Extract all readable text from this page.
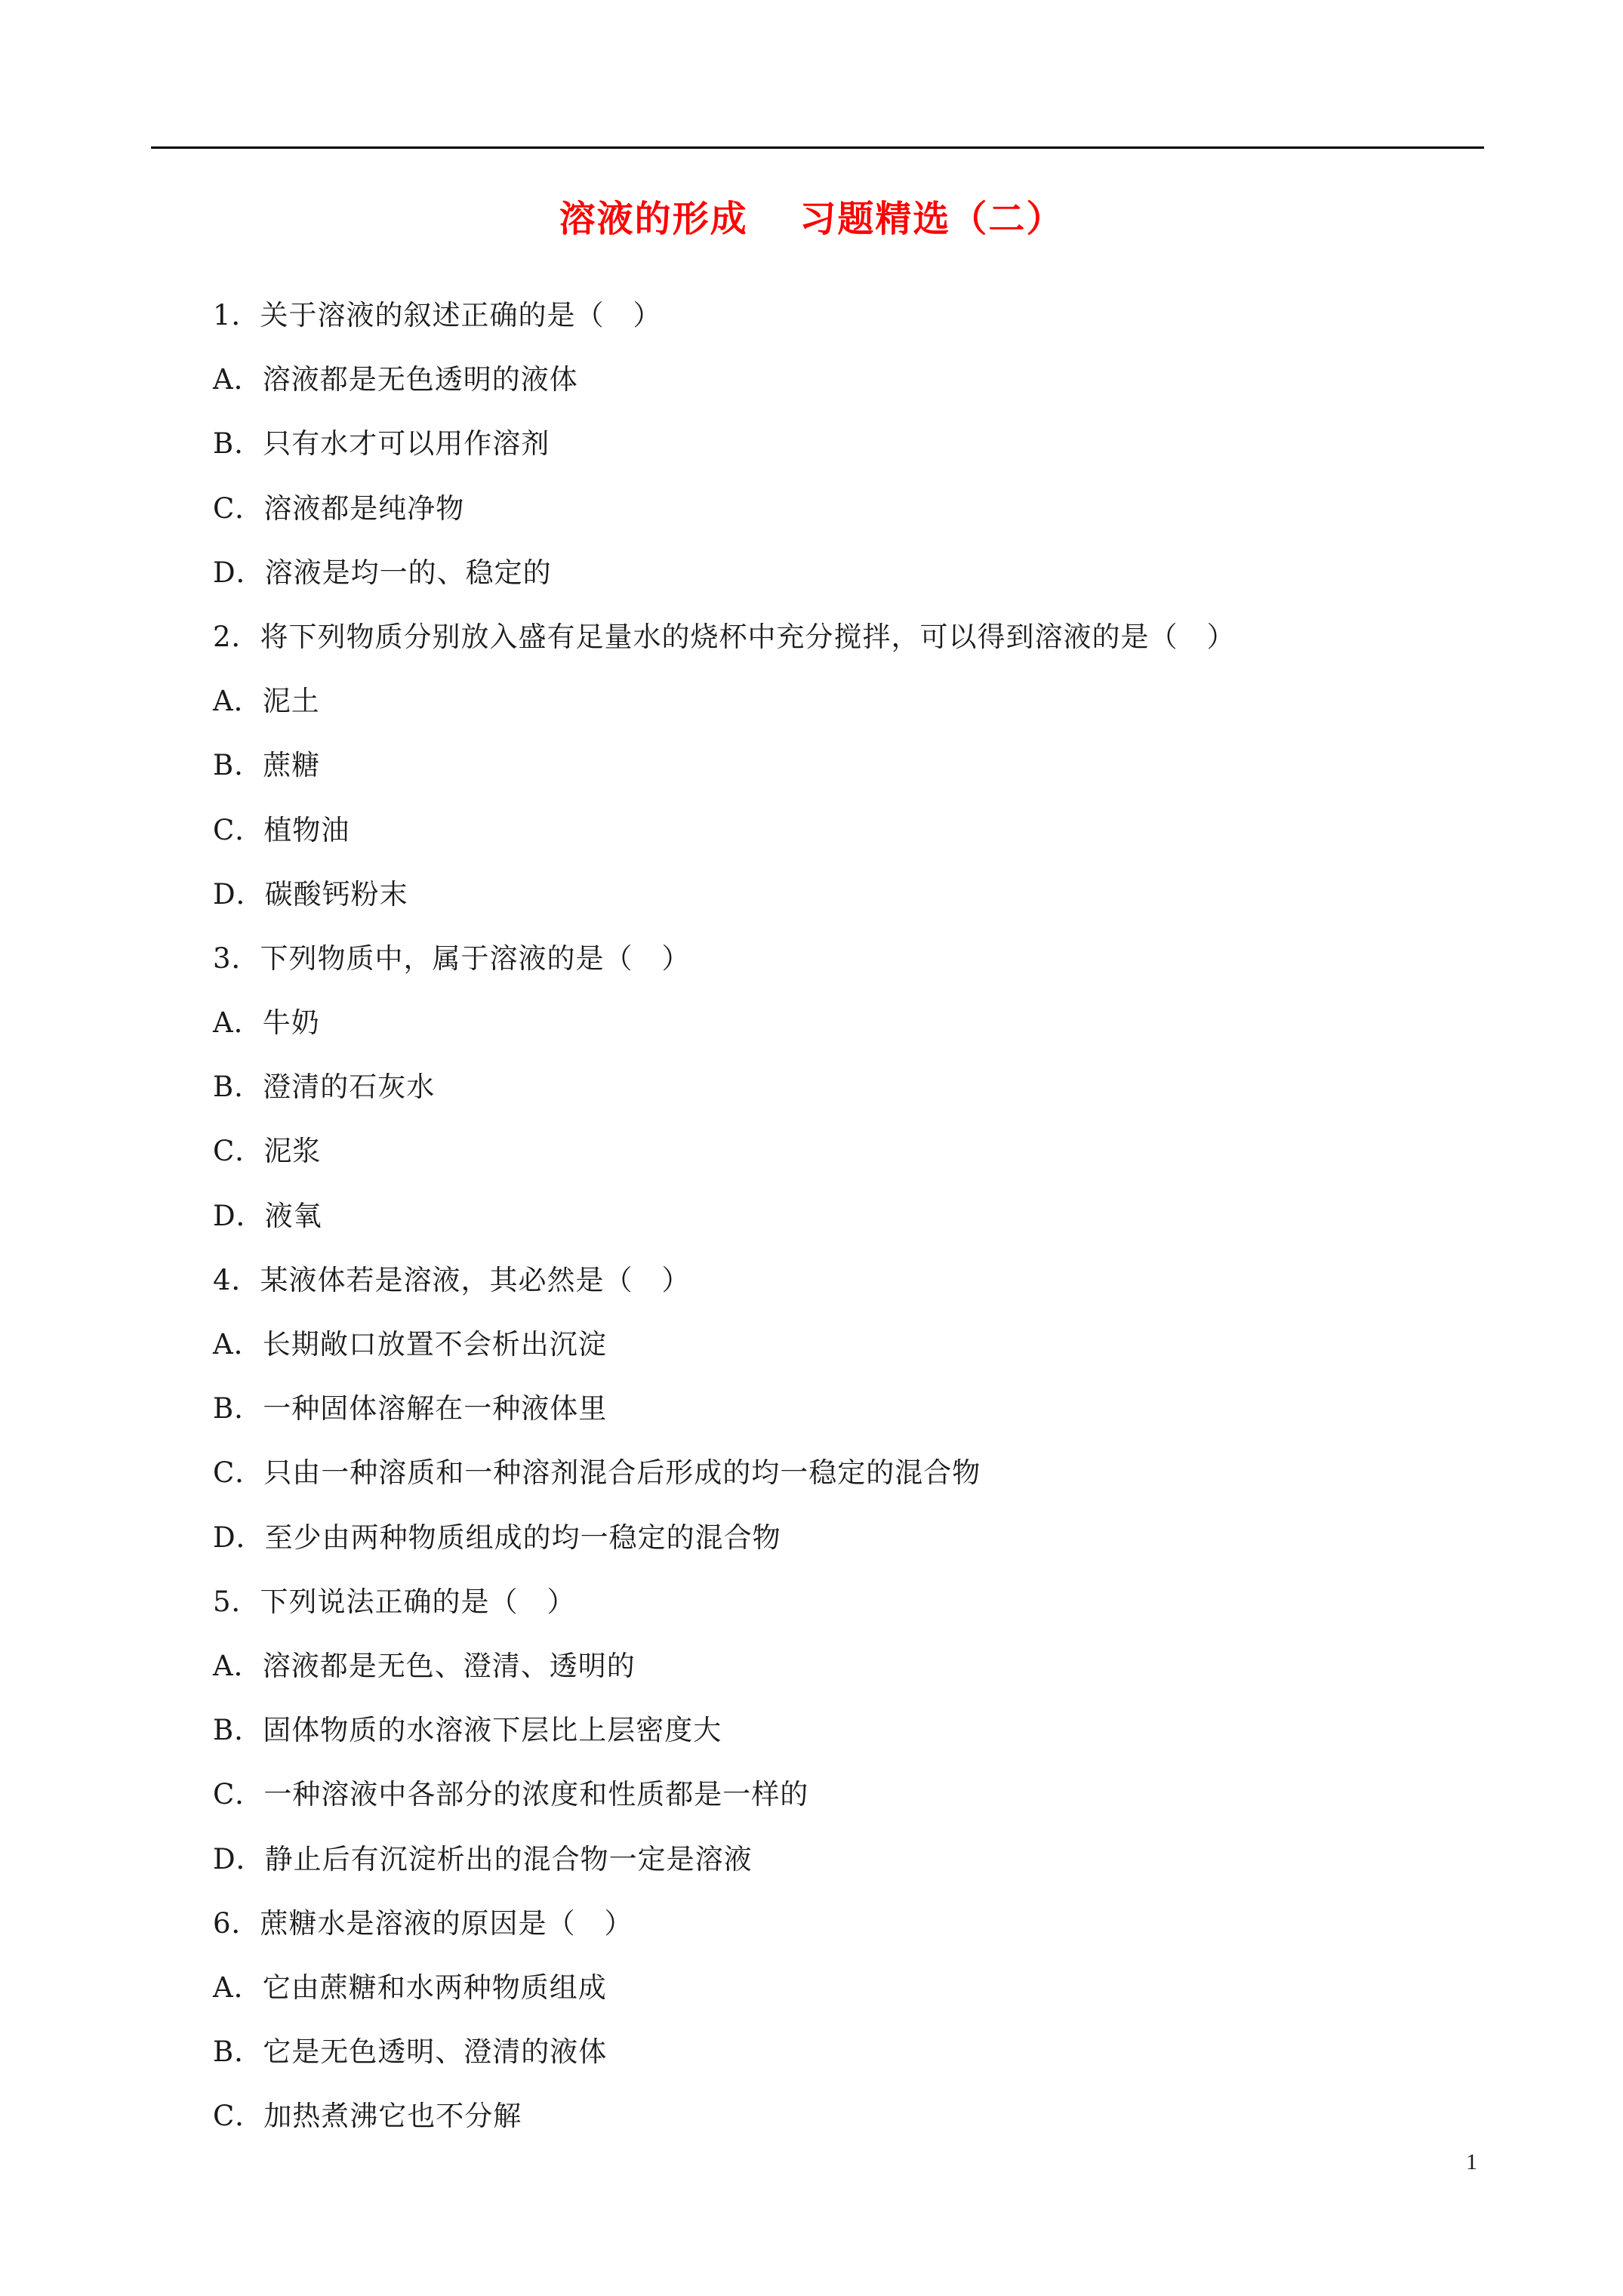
溶液的形成　 习题精选（二）
1．关于溶液的叙述正确的是（　）
A．溶液都是无色透明的液体
B．只有水才可以用作溶剂
C．溶液都是纯净物
D．溶液是均一的、稳定的
2．将下列物质分别放入盛有足量水的烧杯中充分搅拌，可以得到溶液的是（　）
A．泥土
B．蔗糖
C．植物油
D．碳酸钙粉末
3．下列物质中，属于溶液的是（　）
A．牛奶
B．澄清的石灰水
C．泥浆
D．液氧
4．某液体若是溶液，其必然是（　）
A．长期敞口放置不会析出沉淀
B．一种固体溶解在一种液体里
C．只由一种溶质和一种溶剂混合后形成的均一稳定的混合物
D．至少由两种物质组成的均一稳定的混合物
5．下列说法正确的是（　）
A．溶液都是无色、澄清、透明的
B．固体物质的水溶液下层比上层密度大
C．一种溶液中各部分的浓度和性质都是一样的
D．静止后有沉淀析出的混合物一定是溶液
6．蔗糖水是溶液的原因是（　）
A．它由蔗糖和水两种物质组成
B．它是无色透明、澄清的液体
C．加热煮沸它也不分解
1
